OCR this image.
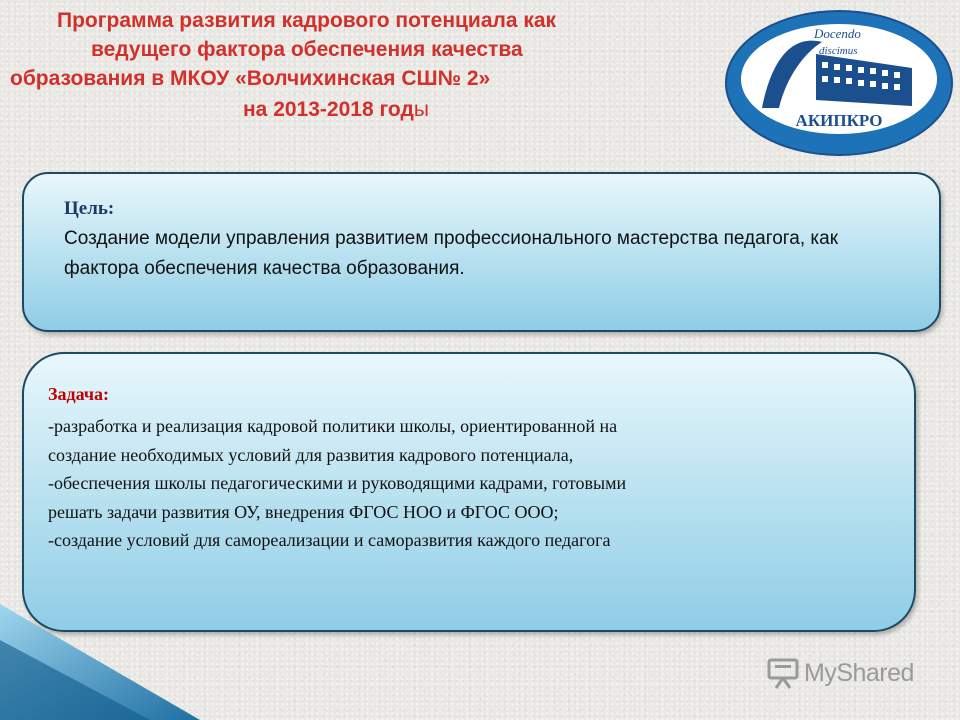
Программа развития кадрового потенциала как
ведущего фактора обеспечения качества
образования в МКОУ «Волчихинская СШ№ 2»
на 2013-2018 годы
Docendo
discimus
АКИПКРО
Цель:
Создание модели управления развитием профессионального мастерства педагога, как фактора обеспечения качества образования.
Задача:
-разработка и реализация кадровой политики школы, ориентированной на
создание необходимых условий для развития кадрового потенциала,
-обеспечения школы педагогическими и руководящими кадрами, готовыми
решать задачи развития ОУ, внедрения ФГОС НОО и ФГОС ООО;
-создание условий для самореализации и саморазвития каждого педагога
MyShared
